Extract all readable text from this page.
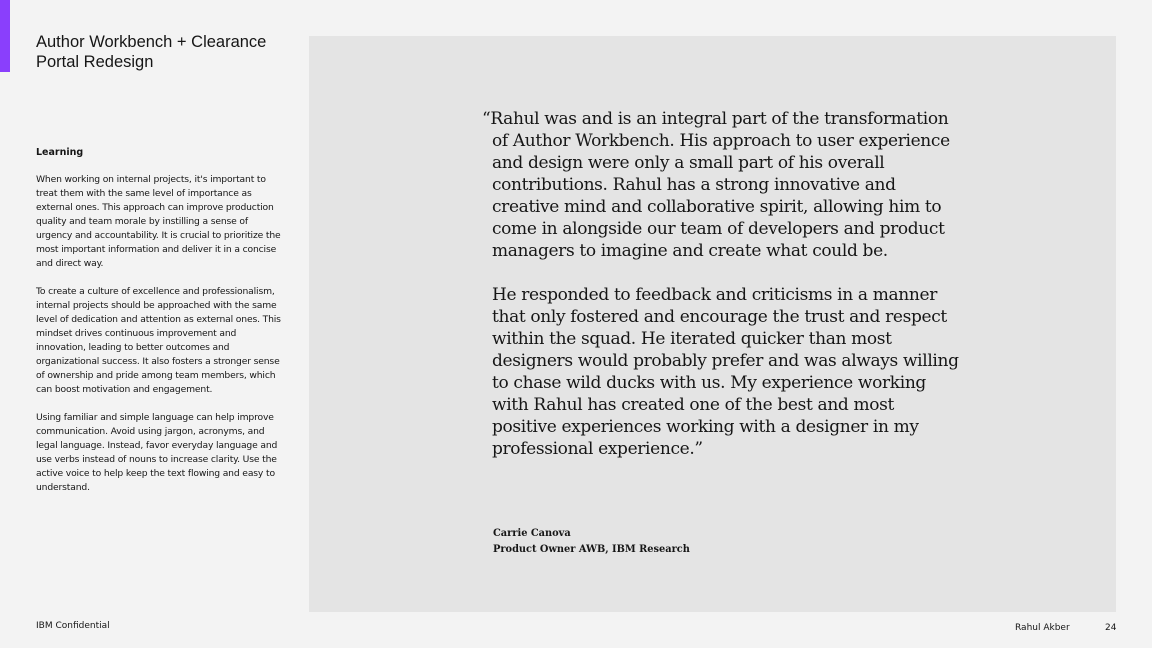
Author Workbench + Clearance Portal Redesign
Learning

When working on internal projects, it's important to treat them with the same level of importance as external ones. This approach can improve production quality and team morale by instilling a sense of urgency and accountability. It is crucial to prioritize the most important information and deliver it in a concise and direct way.

To create a culture of excellence and professionalism, internal projects should be approached with the same level of dedication and attention as external ones. This mindset drives continuous improvement and innovation, leading to better outcomes and organizational success. It also fosters a stronger sense of ownership and pride among team members, which can boost motivation and engagement.

Using familiar and simple language can help improve communication. Avoid using jargon, acronyms, and legal language. Instead, favor everyday language and use verbs instead of nouns to increase clarity. Use the active voice to help keep the text flowing and easy to understand.

“Rahul was and is an integral part of the transformation of Author Workbench. His approach to user experience and design were only a small part of his overall contributions. Rahul has a strong innovative and creative mind and collaborative spirit, allowing him to come in alongside our team of developers and product managers to imagine and create what could be.

He responded to feedback and criticisms in a manner that only fostered and encourage the trust and respect within the squad. He iterated quicker than most designers would probably prefer and was always willing to chase wild ducks with us. My experience working with Rahul has created one of the best and most positive experiences working with a designer in my professional experience.”

Carrie Canova
Product Owner AWB, IBM Research
IBM Confidential	Rahul Akber	24
